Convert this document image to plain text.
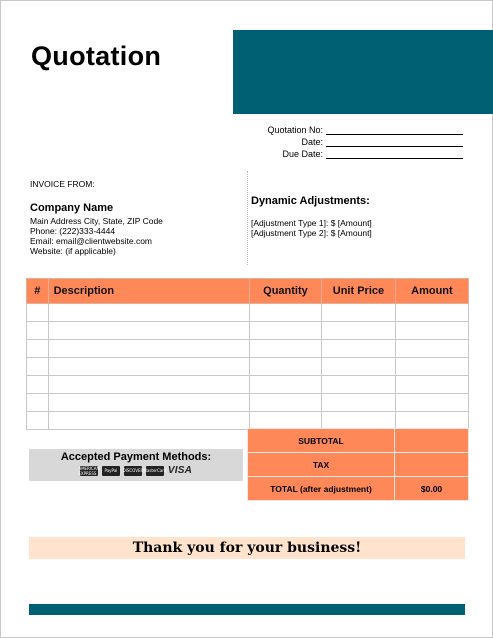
Quotation
Quotation No:
Date:
Due Date:
INVOICE FROM:
Company Name
Main Address City, State, ZIP Code
Phone: (222)333-4444
Email: email@clientwebsite.com
Website: (if applicable)
Dynamic Adjustments:
[Adjustment Type 1]: $ [Amount]
[Adjustment Type 2]: $ [Amount]
#	Description	Quantity	Unit Price	Amount

Accepted Payment Methods:
AMERICAN EXPRESS	PayPal DISCOVER MasterCard VISA
SUBTOTAL	
TAX	
TOTAL (after adjustment)	$0.00
Thank you for your business!
